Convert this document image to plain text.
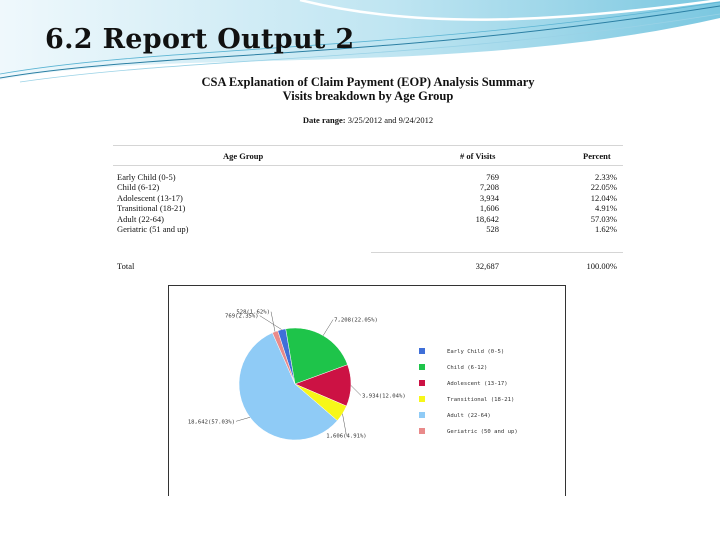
6.2 Report Output 2
CSA Explanation of Claim Payment (EOP) Analysis Summary
Visits breakdown by Age Group
Date range: 3/25/2012 and 9/24/2012
Age Group	# of Visits	Percent
Early Child (0-5)	769	2.33%
Child (6-12)	7,208	22.05%
Adolescent (13-17)	3,934	12.04%
Transitional (18-21)	1,606	4.91%
Adult (22-64)	18,642	57.03%
Geriatric (51 and up)	528	1.62%
Total	32,687	100.00%
769(2.35%)
7,208(22.05%)
3,934(12.04%)
1,606(4.91%)
18,642(57.03%)
528(1.62%)
Early Child (0-5)
Child (6-12)
Adolescent (13-17)
Transitional (18-21)
Adult (22-64)
Geriatric (50 and up)
